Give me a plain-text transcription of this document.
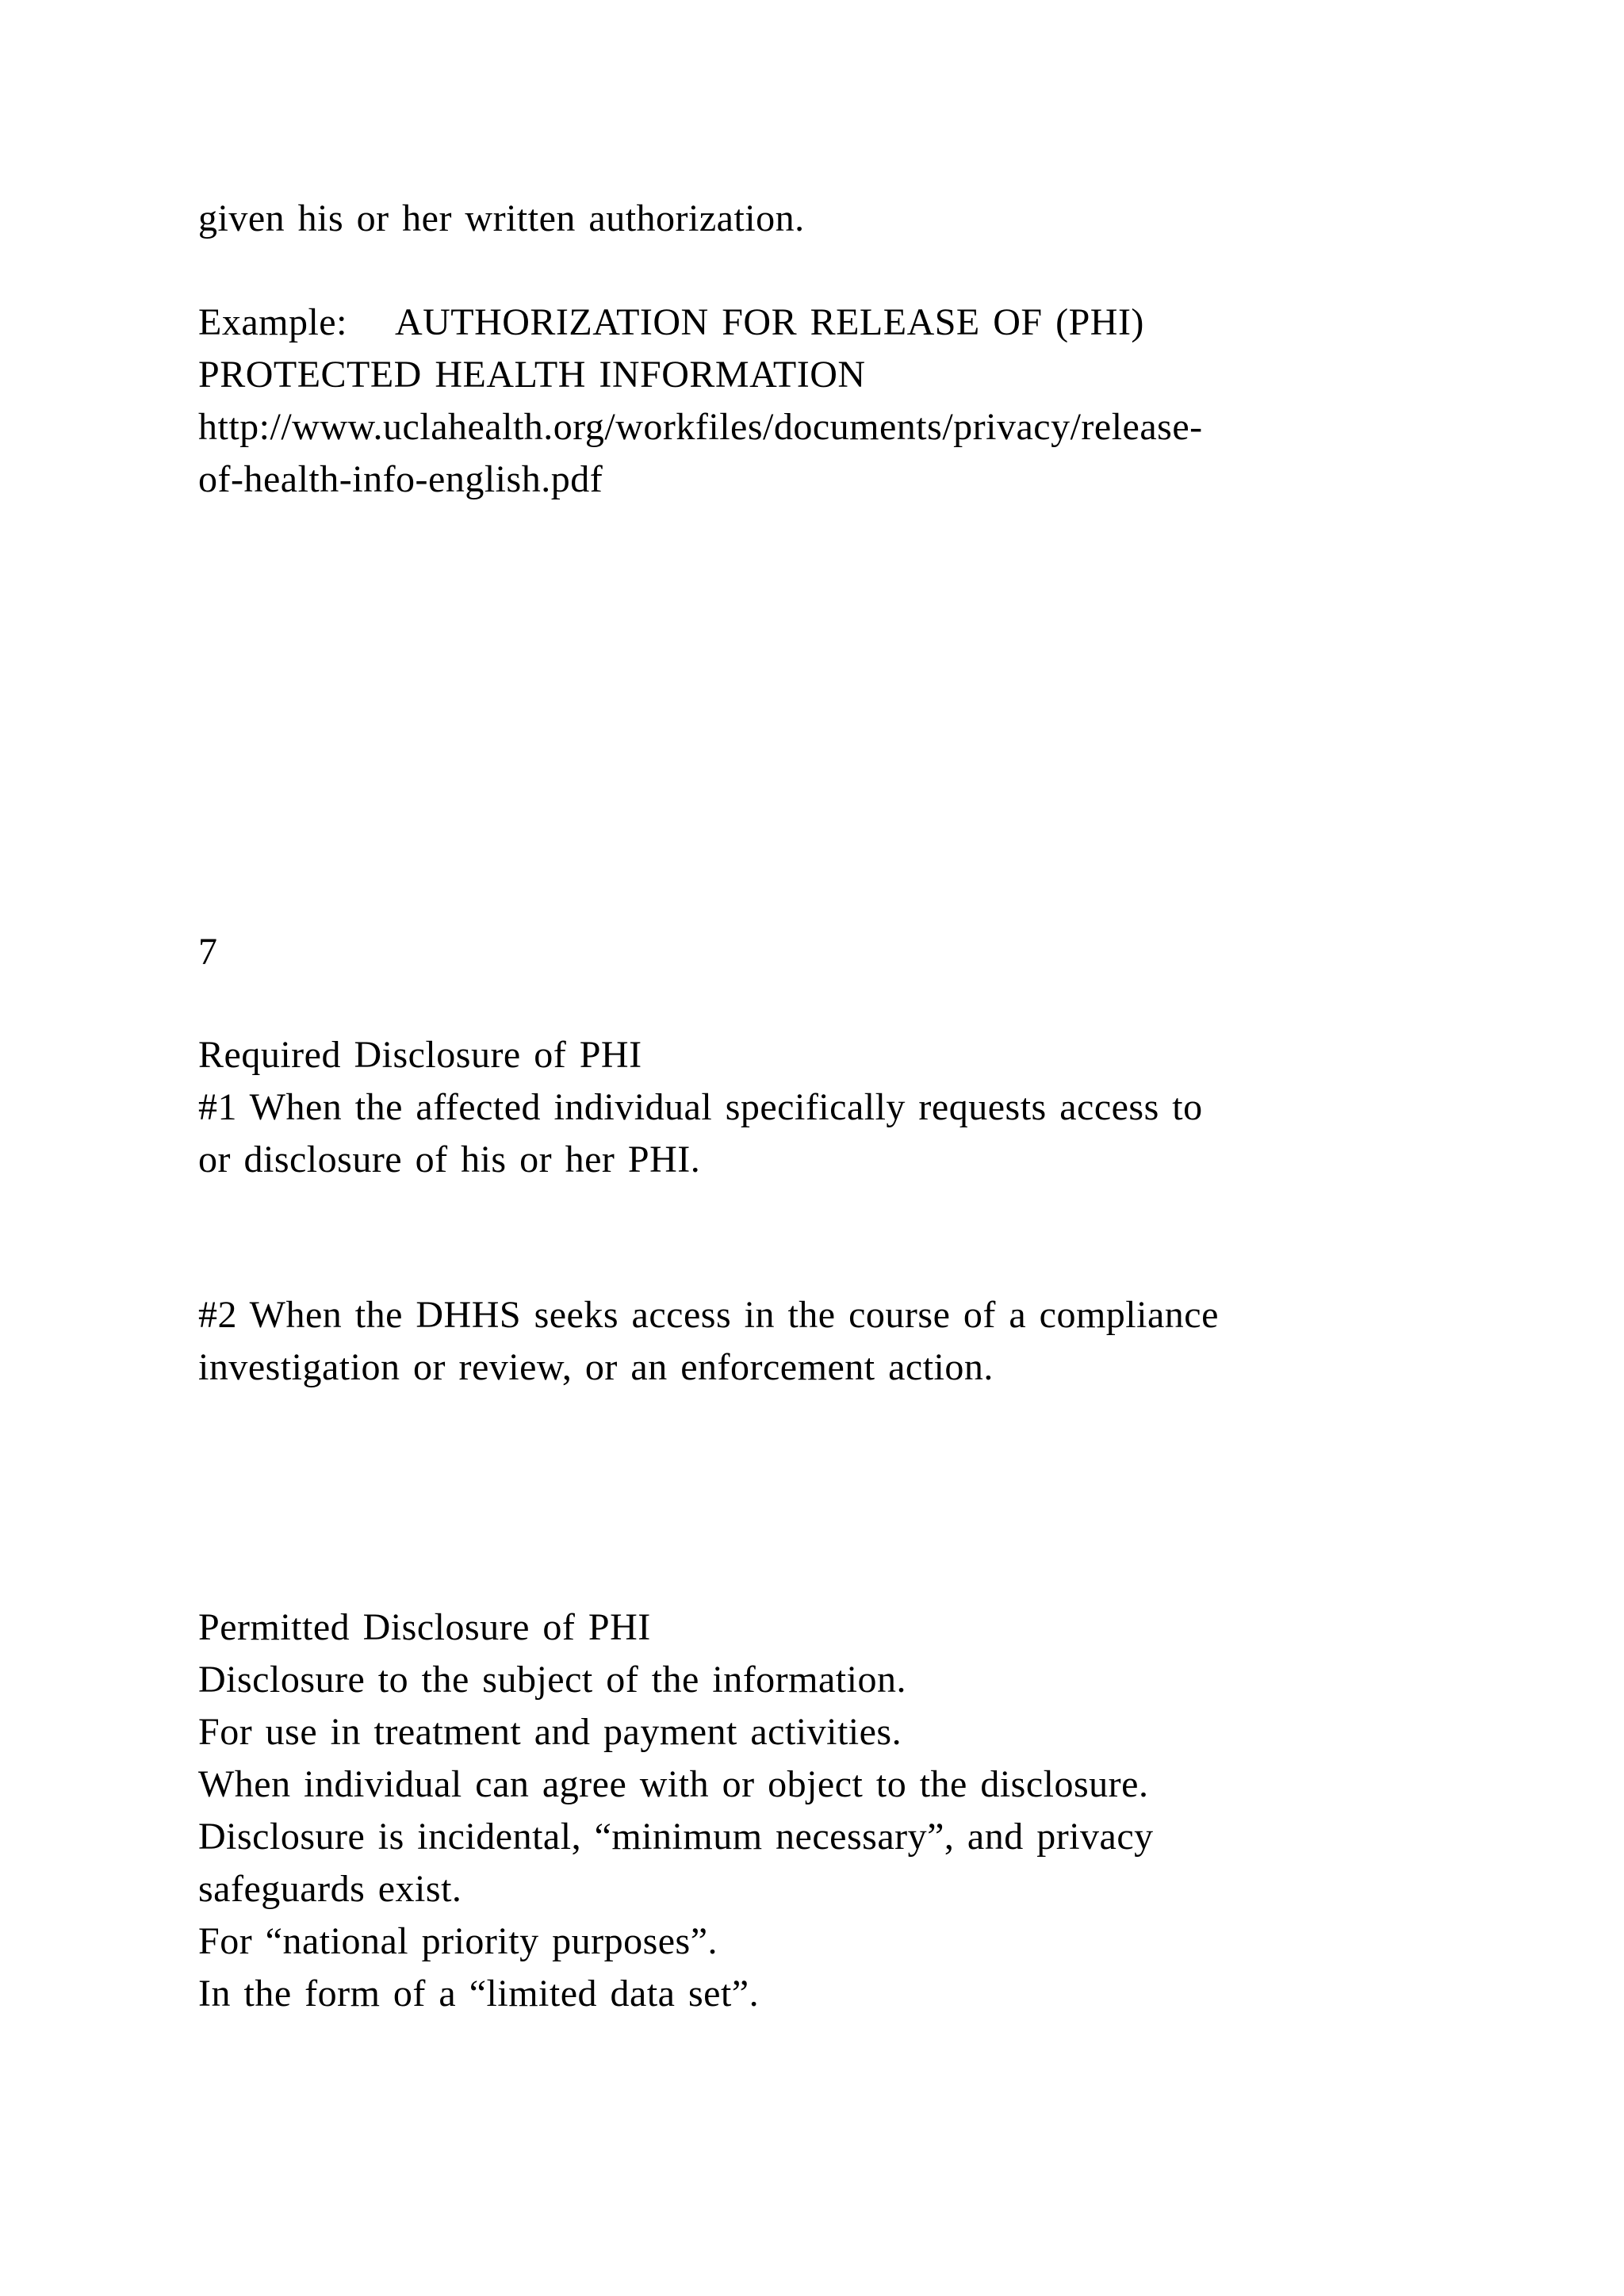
given his or her written authorization.

Example: AUTHORIZATION FOR RELEASE OF (PHI)

PROTECTED HEALTH INFORMATION

http://www.uclahealth.org/workfiles/documents/privacy/release-

of-health-info-english.pdf

7

Required Disclosure of PHI

#1 When the affected individual specifically requests access to

or disclosure of his or her PHI.

#2 When the DHHS seeks access in the course of a compliance

investigation or review, or an enforcement action.

Permitted Disclosure of PHI

Disclosure to the subject of the information.

For use in treatment and payment activities.

When individual can agree with or object to the disclosure.

Disclosure is incidental, “minimum necessary”, and privacy

safeguards exist.

For “national priority purposes”.

In the form of a “limited data set”.
